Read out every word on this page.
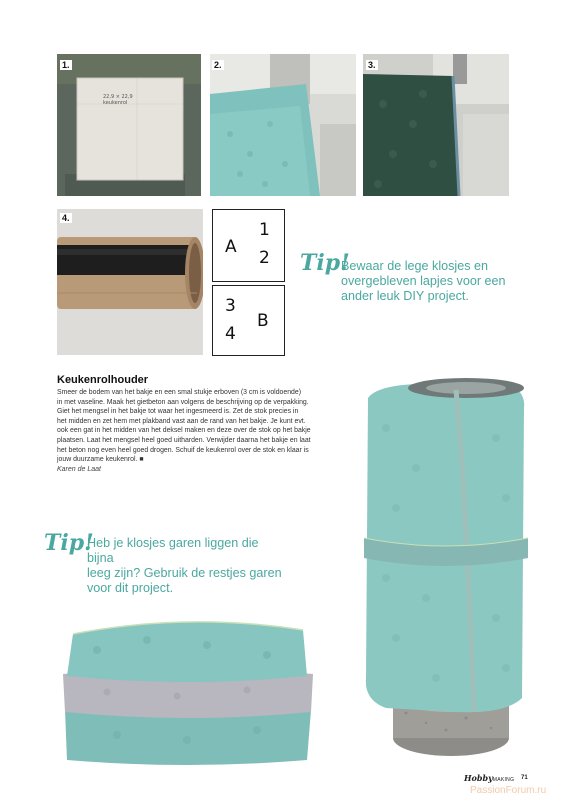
22,9 × 22,9
keukenrol
1.	2.	3.
4.
A
1
2
3
4
B
Tip!
Bewaar de lege klosjes en
overgebleven lapjes voor een
ander leuk DIY project.
Keukenrolhouder
Smeer de bodem van het bakje en een smal stukje erboven (3 cm is voldoende)
in met vaseline. Maak het gietbeton aan volgens de beschrijving op de verpakking.
Giet het mengsel in het bakje tot waar het ingesmeerd is. Zet de stok precies in
het midden en zet hem met plakband vast aan de rand van het bakje. Je kunt evt.
ook een gat in het midden van het deksel maken en deze over de stok op het bakje
plaatsen. Laat het mengsel heel goed uitharden. Verwijder daarna het bakje en laat
het beton nog even heel goed drogen. Schuif de keukenrol over de stok en klaar is
jouw duurzame keukenrol. ■
Karen de Laat
Tip!
Heb je klosjes garen liggen die bijna
leeg zijn? Gebruik de restjes garen
voor dit project.
HobbyMAKING 71
PassionForum.ru
